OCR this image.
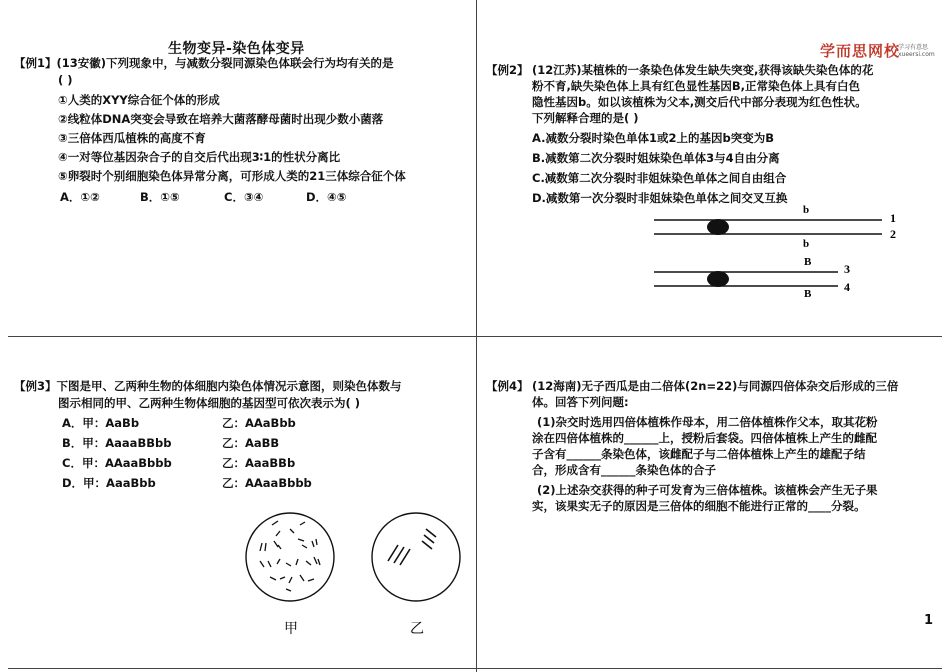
生物变异-染色体变异
【例1】(13安徽)下列现象中，与减数分裂同源染色体联会行为均有关的是
( )
①人类的XYY综合征个体的形成
②线粒体DNA突变会导致在培养大菌落酵母菌时出现少数小菌落
③三倍体西瓜植株的高度不育
④一对等位基因杂合子的自交后代出现3∶1的性状分离比
⑤卵裂时个别细胞染色体异常分离，可形成人类的21三体综合征个体
A．①②	B．①⑤	C．③④	D．④⑤
学而思网校
学习有意思
xueersi.com
【例2】 (12江苏)某植株的一条染色体发生缺失突变,获得该缺失染色体的花
粉不育,缺失染色体上具有红色显性基因B,正常染色体上具有白色
隐性基因b。如以该植株为父本,测交后代中部分表现为红色性状。
下列解释合理的是( )
A.减数分裂时染色单体1或2上的基因b突变为B
B.减数第二次分裂时姐妹染色单体3与4自由分离
C.减数第二次分裂时非姐妹染色单体之间自由组合
D.减数第一次分裂时非姐妹染色单体之间交叉互换
b
b
B
B
1
2
3
4
【例3】下图是甲、乙两种生物的体细胞内染色体情况示意图，则染色体数与
图示相同的甲、乙两种生物体细胞的基因型可依次表示为( )
A．甲：AaBb	乙：AAaBbb
B．甲：AaaaBBbb	乙：AaBB
C．甲：AAaaBbbb	乙：AaaBBb
D．甲：AaaBbb	乙：AAaaBbbb
甲	乙
【例4】 (12海南)无子西瓜是由二倍体(2n=22)与同源四倍体杂交后形成的三倍
体。回答下列问题:
(1)杂交时选用四倍体植株作母本，用二倍体植株作父本，取其花粉
涂在四倍体植株的______上，授粉后套袋。四倍体植株上产生的雌配
子含有______条染色体，该雌配子与二倍体植株上产生的雄配子结
合，形成含有______条染色体的合子
(2)上述杂交获得的种子可发育为三倍体植株。该植株会产生无子果
实，该果实无子的原因是三倍体的细胞不能进行正常的____分裂。
1
